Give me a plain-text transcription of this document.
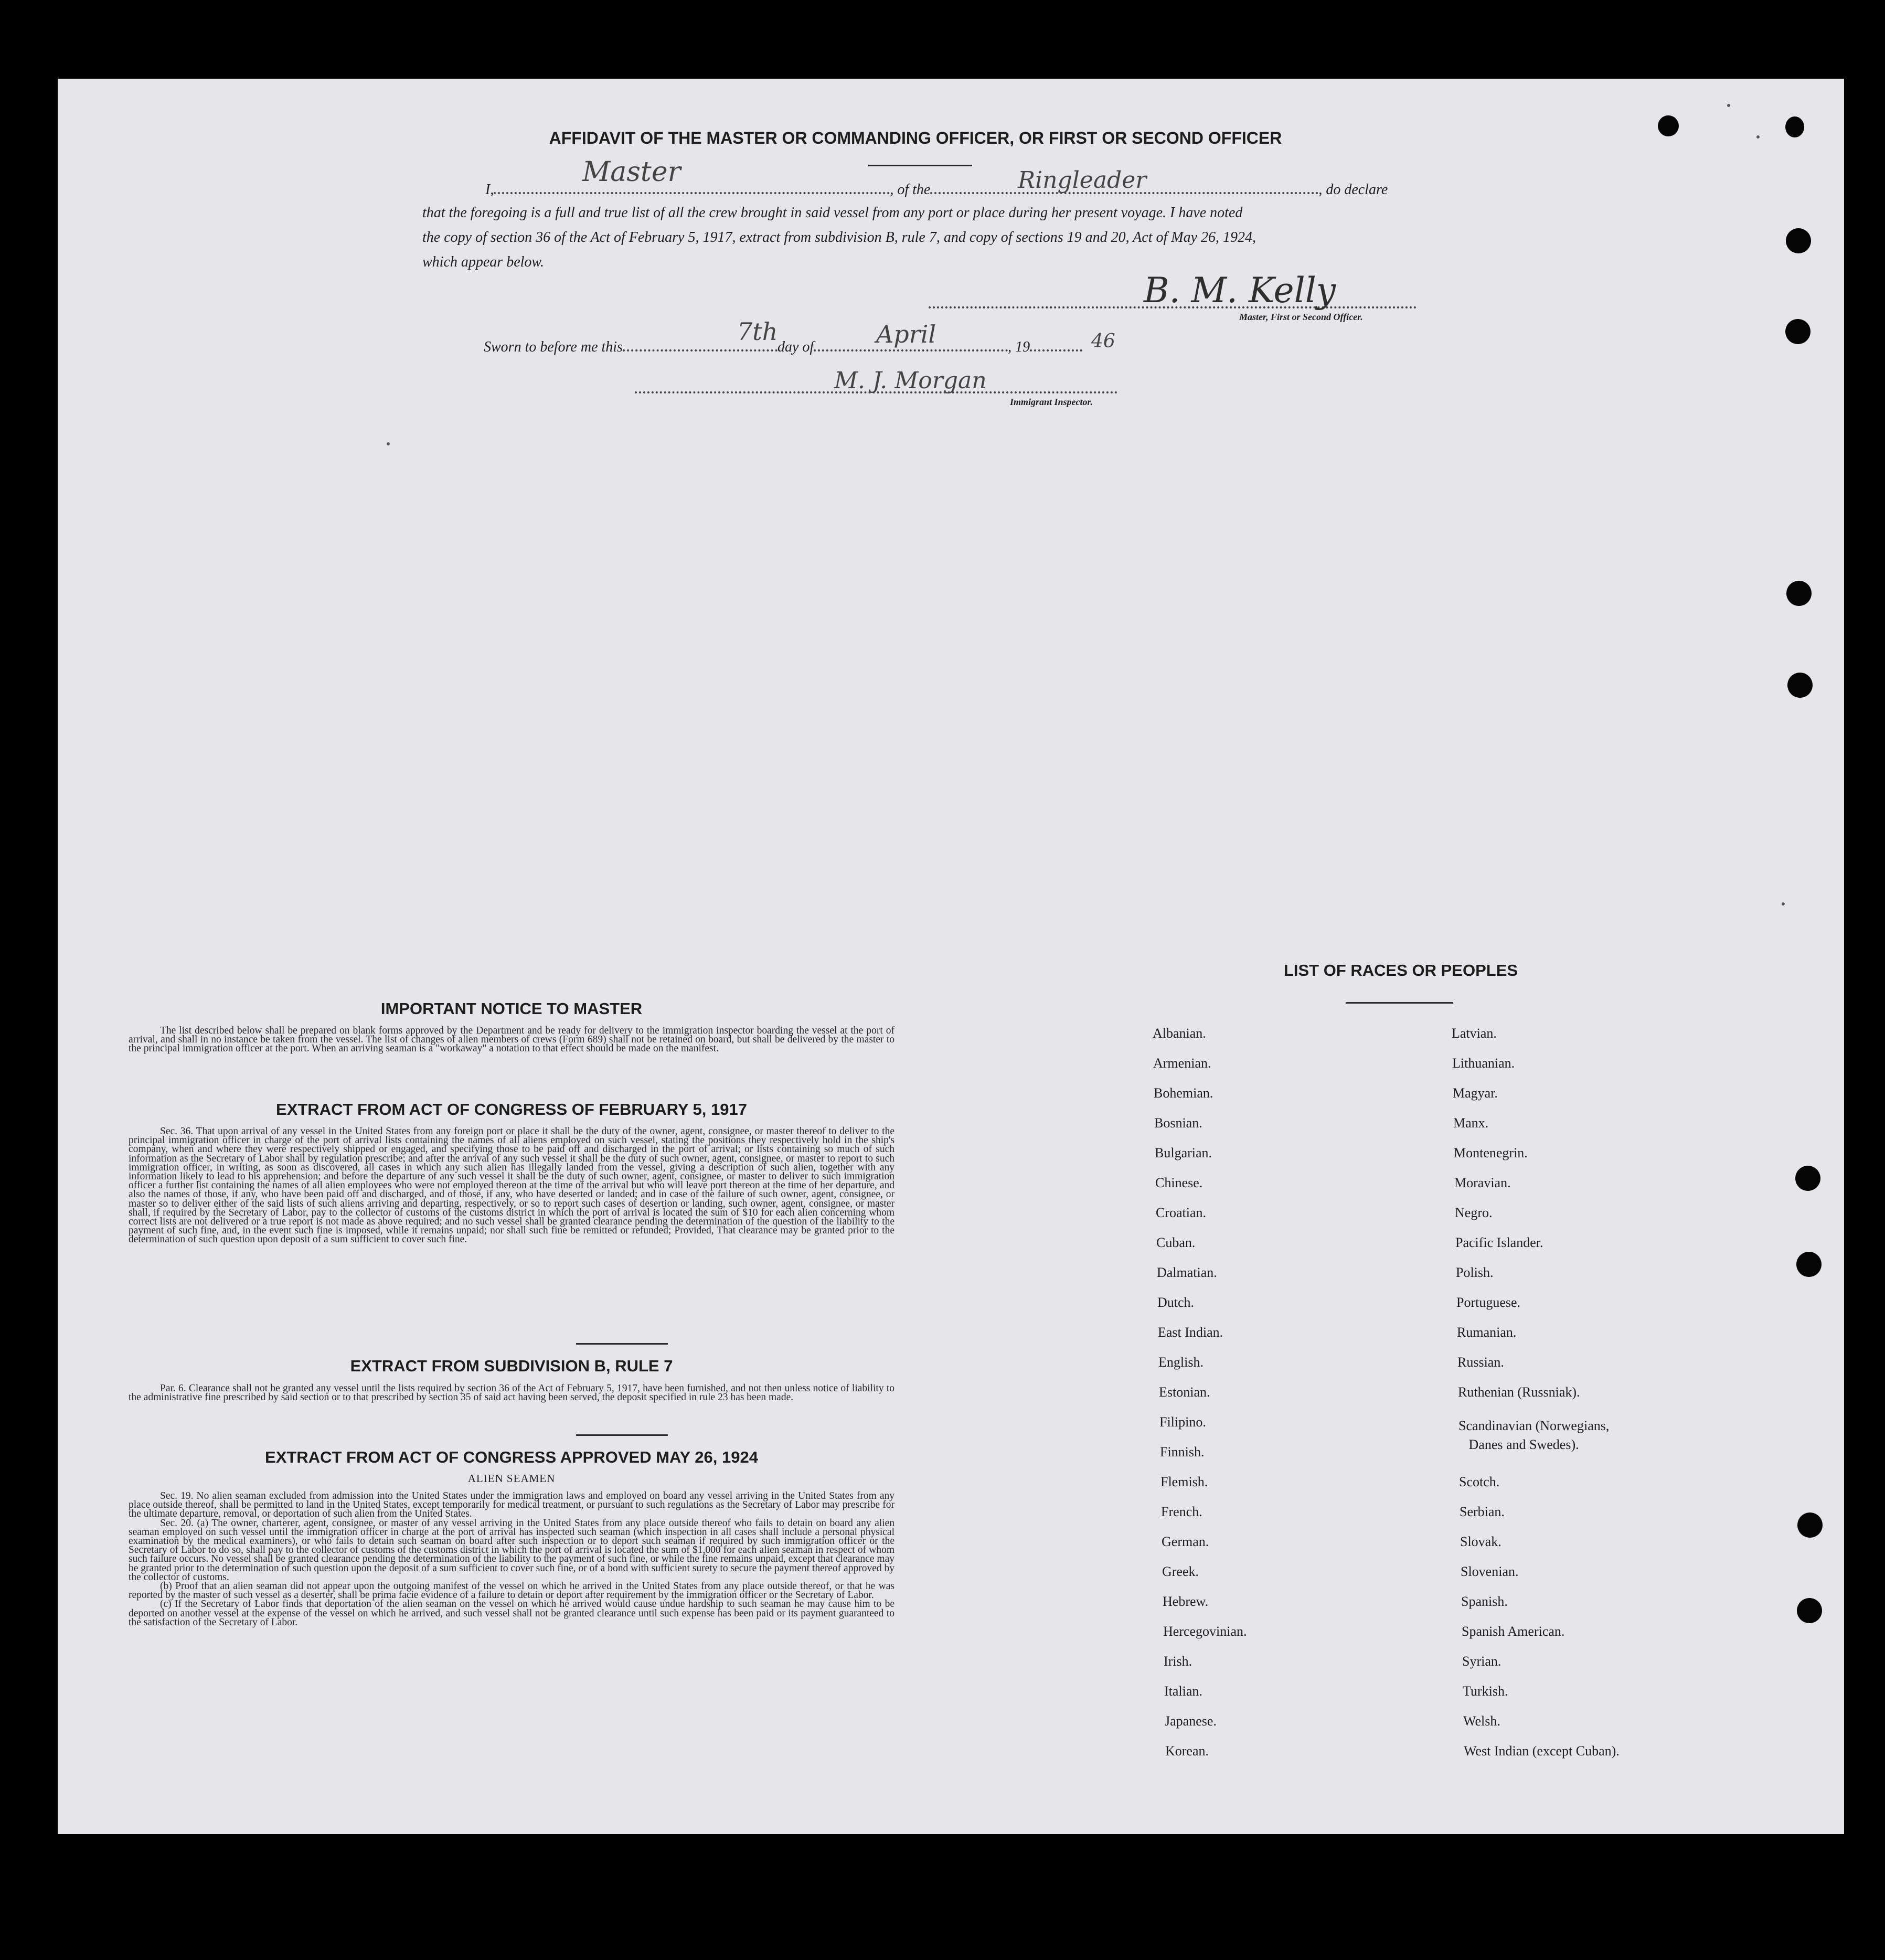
AFFIDAVIT OF THE MASTER OR COMMANDING OFFICER, OR FIRST OR SECOND OFFICER
I,	, of the	, do declare
Master	Ringleader
that the foregoing is a full and true list of all the crew brought in said vessel from any port or place during her present voyage. I have noted
the copy of section 36 of the Act of February 5, 1917, extract from subdivision B, rule 7, and copy of sections 19 and 20, Act of May 26, 1924,
which appear below.
B. M. Kelly
Master, First or Second Officer.
Sworn to before me this	day of	, 19
7th	April	46
M. J. Morgan
Immigrant Inspector.
IMPORTANT NOTICE TO MASTER

The list described below shall be prepared on blank forms approved by the Department and be ready for delivery to the immigration inspector boarding the vessel at the port of arrival, and shall in no instance be taken from the vessel. The list of changes of alien members of crews (Form 689) shall not be retained on board, but shall be delivered by the master to the principal immigration officer at the port. When an arriving seaman is a "workaway" a notation to that effect should be made on the manifest.

EXTRACT FROM ACT OF CONGRESS OF FEBRUARY 5, 1917

Sec. 36. That upon arrival of any vessel in the United States from any foreign port or place it shall be the duty of the owner, agent, consignee, or master thereof to deliver to the principal immigration officer in charge of the port of arrival lists containing the names of all aliens employed on such vessel, stating the positions they respectively hold in the ship's company, when and where they were respectively shipped or engaged, and specifying those to be paid off and discharged in the port of arrival; or lists containing so much of such information as the Secretary of Labor shall by regulation prescribe; and after the arrival of any such vessel it shall be the duty of such owner, agent, consignee, or master to report to such immigration officer, in writing, as soon as discovered, all cases in which any such alien has illegally landed from the vessel, giving a description of such alien, together with any information likely to lead to his apprehension; and before the departure of any such vessel it shall be the duty of such owner, agent, consignee, or master to deliver to such immigration officer a further list containing the names of all alien employees who were not employed thereon at the time of the arrival but who will leave port thereon at the time of her departure, and also the names of those, if any, who have been paid off and discharged, and of those, if any, who have deserted or landed; and in case of the failure of such owner, agent, consignee, or master so to deliver either of the said lists of such aliens arriving and departing, respectively, or so to report such cases of desertion or landing, such owner, agent, consignee, or master shall, if required by the Secretary of Labor, pay to the collector of customs of the customs district in which the port of arrival is located the sum of $10 for each alien concerning whom correct lists are not delivered or a true report is not made as above required; and no such vessel shall be granted clearance pending the determination of the question of the liability to the payment of such fine, and, in the event such fine is imposed, while it remains unpaid; nor shall such fine be remitted or refunded; Provided, That clearance may be granted prior to the determination of such question upon deposit of a sum sufficient to cover such fine.

EXTRACT FROM SUBDIVISION B, RULE 7

Par. 6. Clearance shall not be granted any vessel until the lists required by section 36 of the Act of February 5, 1917, have been furnished, and not then unless notice of liability to the administrative fine prescribed by said section or to that prescribed by section 35 of said act having been served, the deposit specified in rule 23 has been made.

EXTRACT FROM ACT OF CONGRESS APPROVED MAY 26, 1924
ALIEN SEAMEN

Sec. 19. No alien seaman excluded from admission into the United States under the immigration laws and employed on board any vessel arriving in the United States from any place outside thereof, shall be permitted to land in the United States, except temporarily for medical treatment, or pursuant to such regulations as the Secretary of Labor may prescribe for the ultimate departure, removal, or deportation of such alien from the United States.

Sec. 20. (a) The owner, charterer, agent, consignee, or master of any vessel arriving in the United States from any place outside thereof who fails to detain on board any alien seaman employed on such vessel until the immigration officer in charge at the port of arrival has inspected such seaman (which inspection in all cases shall include a personal physical examination by the medical examiners), or who fails to detain such seaman on board after such inspection or to deport such seaman if required by such immigration officer or the Secretary of Labor to do so, shall pay to the collector of customs of the customs district in which the port of arrival is located the sum of $1,000 for each alien seaman in respect of whom such failure occurs. No vessel shall be granted clearance pending the determination of the liability to the payment of such fine, or while the fine remains unpaid, except that clearance may be granted prior to the determination of such question upon the deposit of a sum sufficient to cover such fine, or of a bond with sufficient surety to secure the payment thereof approved by the collector of customs.

(b) Proof that an alien seaman did not appear upon the outgoing manifest of the vessel on which he arrived in the United States from any place outside thereof, or that he was reported by the master of such vessel as a deserter, shall be prima facie evidence of a failure to detain or deport after requirement by the immigration officer or the Secretary of Labor.

(c) If the Secretary of Labor finds that deportation of the alien seaman on the vessel on which he arrived would cause undue hardship to such seaman he may cause him to be deported on another vessel at the expense of the vessel on which he arrived, and such vessel shall not be granted clearance until such expense has been paid or its payment guaranteed to the satisfaction of the Secretary of Labor.

LIST OF RACES OR PEOPLES
Albanian.
Armenian.
Bohemian.
Bosnian.
Bulgarian.
Chinese.
Croatian.
Cuban.
Dalmatian.
Dutch.
East Indian.
English.
Estonian.
Filipino.
Finnish.
Flemish.
French.
German.
Greek.
Hebrew.
Hercegovinian.
Irish.
Italian.
Japanese.
Korean.
Latvian.
Lithuanian.
Magyar.
Manx.
Montenegrin.
Moravian.
Negro.
Pacific Islander.
Polish.
Portuguese.
Rumanian.
Russian.
Ruthenian (Russniak).
Scandinavian (Norwegians,
Danes and Swedes).
Scotch.
Serbian.
Slovak.
Slovenian.
Spanish.
Spanish American.
Syrian.
Turkish.
Welsh.
West Indian (except Cuban).
